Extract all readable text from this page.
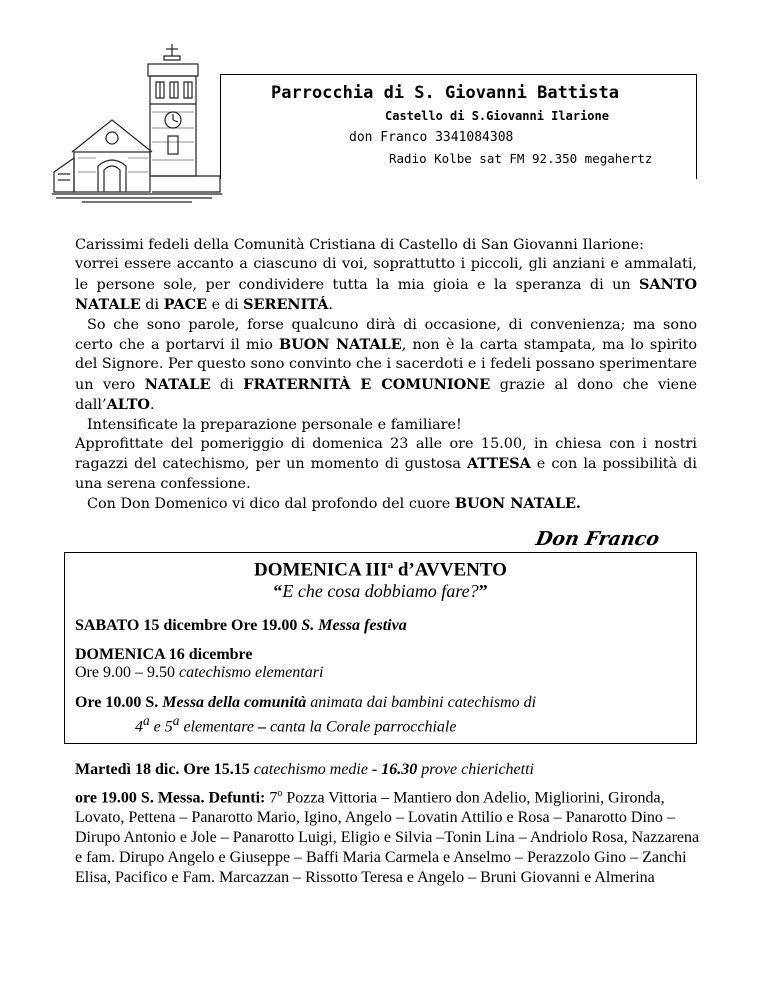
Parrocchia di S. Giovanni Battista
Castello di S.Giovanni Ilarione
don Franco 3341084308
Radio Kolbe sat FM 92.350 megahertz

Carissimi fedeli della Comunità Cristiana di Castello di San Giovanni Ilarione:

vorrei essere accanto a ciascuno di voi, soprattutto i piccoli, gli anziani e ammalati, le persone sole, per condividere tutta la mia gioia e la speranza di un SANTO NATALE di PACE e di SERENITÁ.

So che sono parole, forse qualcuno dirà di occasione, di convenienza; ma sono certo che a portarvi il mio BUON NATALE, non è la carta stampata, ma lo spirito del Signore. Per questo sono convinto che i sacerdoti e i fedeli possano sperimentare un vero NATALE di FRATERNITÀ E COMUNIONE grazie al dono che viene dall’ALTO.

Intensificate la preparazione personale e familiare!

Approfittate del pomeriggio di domenica 23 alle ore 15.00, in chiesa con i nostri ragazzi del catechismo, per un momento di gustosa ATTESA e con la possibilità di una serena confessione.

Con Don Domenico vi dico dal profondo del cuore BUON NATALE.

Don Franco
DOMENICA III$^a$ d’AVVENTO
“E che cosa dobbiamo fare?”
SABATO 15 dicembre Ore 19.00 S. Messa festiva
DOMENICA 16 dicembre
Ore 9.00 – 9.50 catechismo elementari
Ore 10.00 S. Messa della comunità animata dai bambini catechismo di
4$^a$ e 5$^a$ elementare – canta la Corale parrocchiale

Martedì 18 dic. Ore 15.15 catechismo medie - 16.30 prove chierichetti

ore 19.00 S. Messa. Defunti: 7$^o$ Pozza Vittoria – Mantiero don Adelio, Migliorini, Gironda, Lovato, Pettena – Panarotto Mario, Igino, Angelo – Lovatin Attilio e Rosa – Panarotto Dino – Dirupo Antonio e Jole – Panarotto Luigi, Eligio e Silvia –Tonin Lina – Andriolo Rosa, Nazzarena e fam. Dirupo Angelo e Giuseppe – Baffi Maria Carmela e Anselmo – Perazzolo Gino – Zanchi Elisa, Pacifico e Fam. Marcazzan – Rissotto Teresa e Angelo – Bruni Giovanni e Almerina
